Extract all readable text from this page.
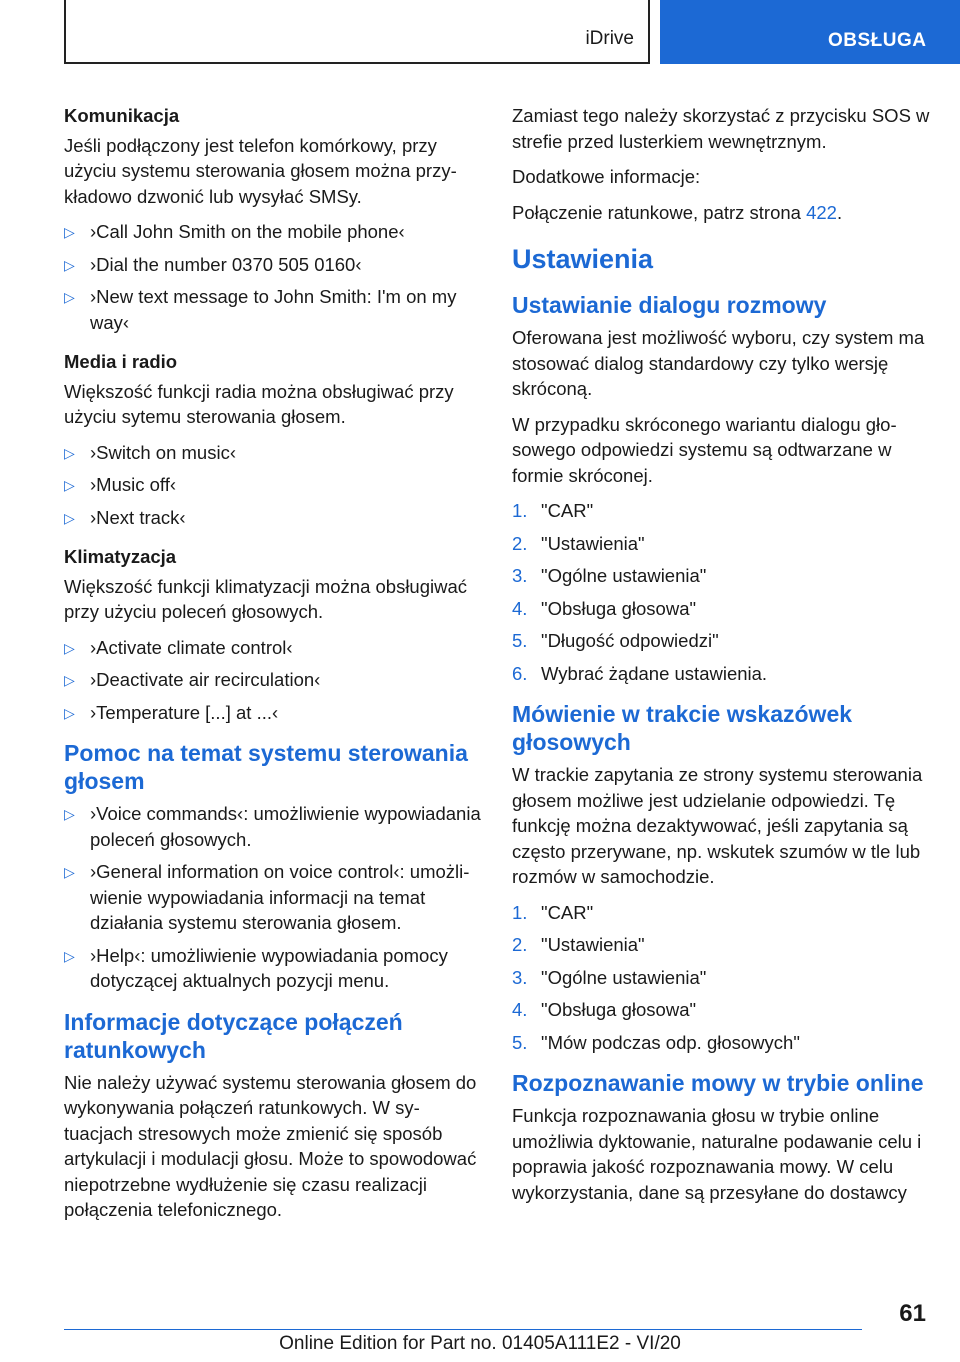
iDrive	OBSŁUGA

Komunikacja

Jeśli podłączony jest telefon komórkowy, przy użyciu systemu sterowania głosem można przykładowo dzwonić lub wysyłać SMSy.

▷ ›Call John Smith on the mobile phone‹
▷ ›Dial the number 0370 505 0160‹
▷ ›New text message to John Smith: I'm on my way‹

Media i radio

Większość funkcji radia można obsługiwać przy użyciu sytemu sterowania głosem.

▷ ›Switch on music‹
▷ ›Music off‹
▷ ›Next track‹

Klimatyzacja

Większość funkcji klimatyzacji można obsługiwać przy użyciu poleceń głosowych.

▷ ›Activate climate control‹
▷ ›Deactivate air recirculation‹
▷ ›Temperature [...] at ...‹
Pomoc na temat systemu sterowania głosem
▷ ›Voice commands‹: umożliwienie wypowiadania poleceń głosowych.
▷ ›General information on voice control‹: umożliwienie wypowiadania informacji na temat działania systemu sterowania głosem.
▷ ›Help‹: umożliwienie wypowiadania pomocy dotyczącej aktualnych pozycji menu.
Informacje dotyczące połączeń ratunkowych

Nie należy używać systemu sterowania głosem do wykonywania połączeń ratunkowych. W sytuacjach stresowych może zmienić się sposób artykulacji i modulacji głosu. Może to spowodować niepotrzebne wydłużenie się czasu realizacji połączenia telefonicznego.

Zamiast tego należy skorzystać z przycisku SOS w strefie przed lusterkiem wewnętrznym.

Dodatkowe informacje:

Połączenie ratunkowe, patrz strona 422.

Ustawienia
Ustawianie dialogu rozmowy

Oferowana jest możliwość wyboru, czy system ma stosować dialog standardowy czy tylko wersję skróconą.

W przypadku skróconego wariantu dialogu głosowego odpowiedzi systemu są odtwarzane w formie skróconej.

1. "CAR"
2. "Ustawienia"
3. "Ogólne ustawienia"
4. "Obsługa głosowa"
5. "Długość odpowiedzi"
6. Wybrać żądane ustawienia.
Mówienie w trakcie wskazówek głosowych

W trackie zapytania ze strony systemu sterowania głosem możliwe jest udzielanie odpowiedzi. Tę funkcję można dezaktywować, jeśli zapytania są często przerywane, np. wskutek szumów w tle lub rozmów w samochodzie.

1. "CAR"
2. "Ustawienia"
3. "Ogólne ustawienia"
4. "Obsługa głosowa"
5. "Mów podczas odp. głosowych"
Rozpoznawanie mowy w trybie online

Funkcja rozpoznawania głosu w trybie online umożliwia dyktowanie, naturalne podawanie celu i poprawia jakość rozpoznawania mowy. W celu wykorzystania, dane są przesyłane do dostawcy

61
Online Edition for Part no. 01405A111E2 - VI/20
